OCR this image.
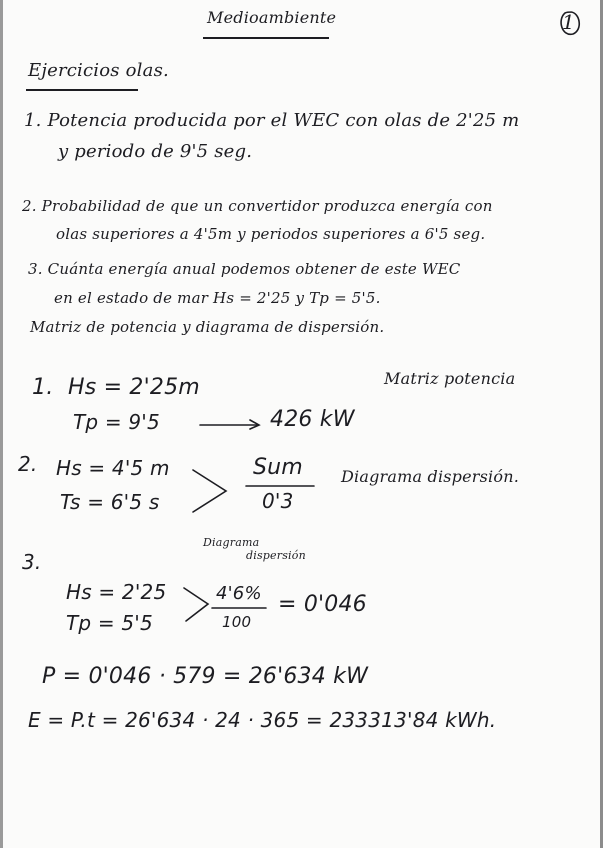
Medioambiente	1
Ejercicios olas.
1. Potencia producida por el WEC con olas de 2'25 m
y periodo de 9'5 seg.
2. Probabilidad de que un convertidor produzca energía con
olas superiores a 4'5m y periodos superiores a 6'5 seg.
3. Cuánta energía anual podemos obtener de este WEC
en el estado de mar Hs = 2'25 y Tp = 5'5.
Matriz de potencia y diagrama de dispersión.
1. Hs = 2'25m	Matriz potencia
Tp = 9'5	426 kW
2. Hs = 4'5 m
Ts = 6'5 s
Sum
0'3
Diagrama dispersión.
Diagrama
dispersión
3.
Hs = 2'25
Tp = 5'5
4'6%
100
= 0'046
P = 0'046 · 579 = 26'634 kW
E = P.t = 26'634 · 24 · 365 = 233313'84 kWh.
